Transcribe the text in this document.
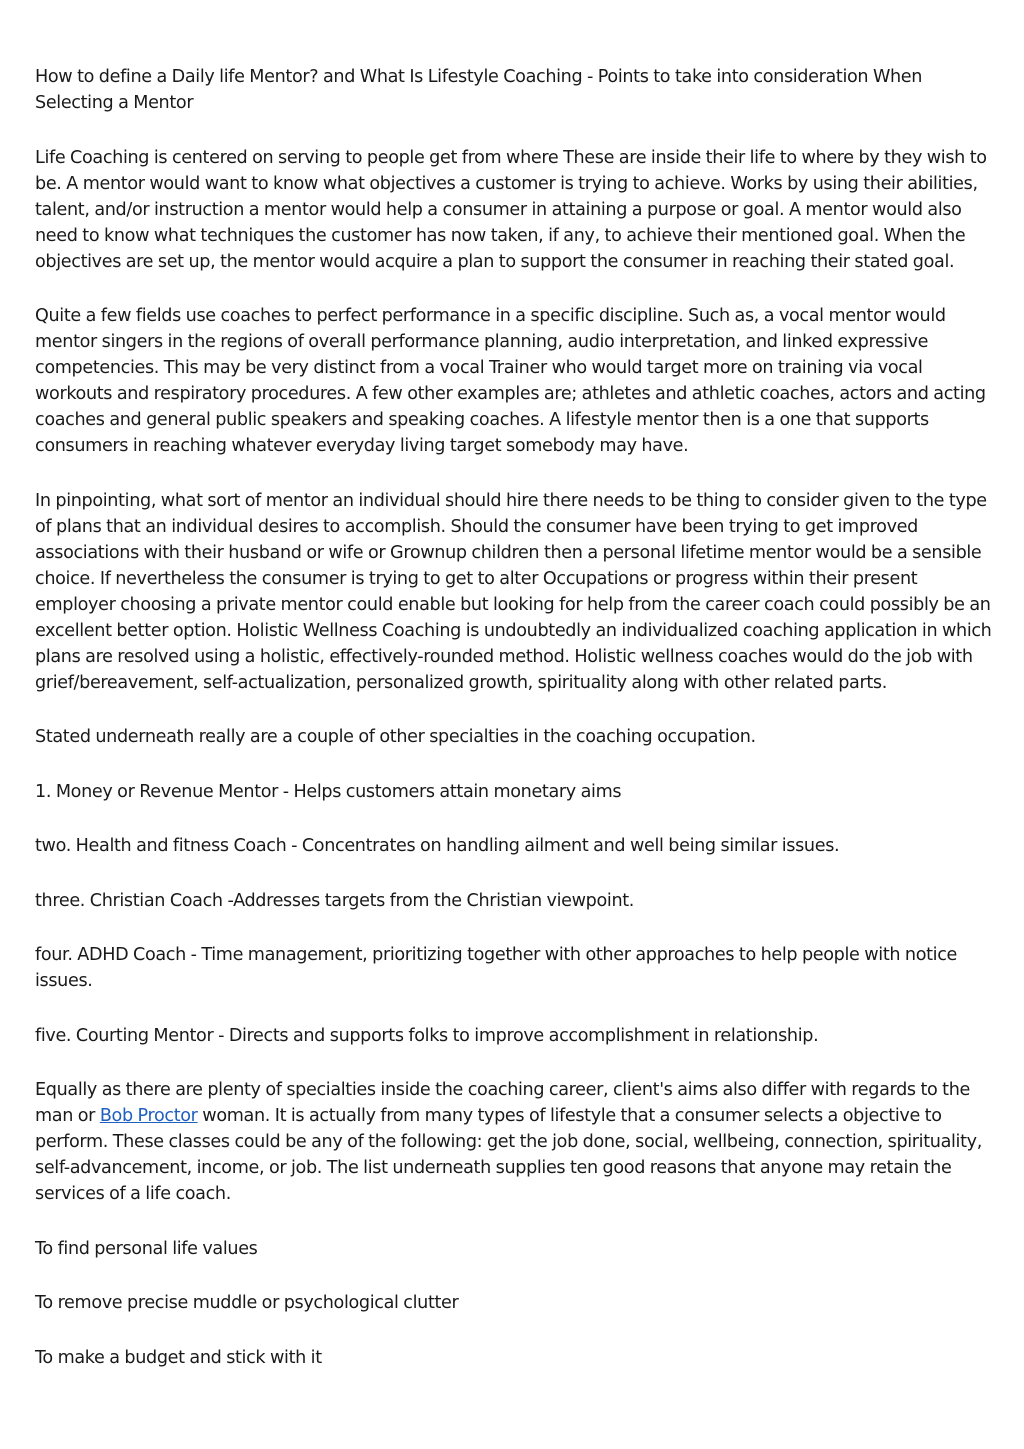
How to define a Daily life Mentor? and What Is Lifestyle Coaching - Points to take into consideration When Selecting a Mentor

Life Coaching is centered on serving to people get from where These are inside their life to where by they wish to be. A mentor would want to know what objectives a customer is trying to achieve. Works by using their abilities, talent, and/or instruction a mentor would help a consumer in attaining a purpose or goal. A mentor would also need to know what techniques the customer has now taken, if any, to achieve their mentioned goal. When the objectives are set up, the mentor would acquire a plan to support the consumer in reaching their stated goal.

Quite a few fields use coaches to perfect performance in a specific discipline. Such as, a vocal mentor would mentor singers in the regions of overall performance planning, audio interpretation, and linked expressive competencies. This may be very distinct from a vocal Trainer who would target more on training via vocal workouts and respiratory procedures. A few other examples are; athletes and athletic coaches, actors and acting coaches and general public speakers and speaking coaches. A lifestyle mentor then is a one that supports consumers in reaching whatever everyday living target somebody may have.

In pinpointing, what sort of mentor an individual should hire there needs to be thing to consider given to the type of plans that an individual desires to accomplish. Should the consumer have been trying to get improved associations with their husband or wife or Grownup children then a personal lifetime mentor would be a sensible choice. If nevertheless the consumer is trying to get to alter Occupations or progress within their present employer choosing a private mentor could enable but looking for help from the career coach could possibly be an excellent better option. Holistic Wellness Coaching is undoubtedly an individualized coaching application in which plans are resolved using a holistic, effectively-rounded method. Holistic wellness coaches would do the job with grief/bereavement, self-actualization, personalized growth, spirituality along with other related parts.

Stated underneath really are a couple of other specialties in the coaching occupation.

1. Money or Revenue Mentor - Helps customers attain monetary aims

two. Health and fitness Coach - Concentrates on handling ailment and well being similar issues.

three. Christian Coach -Addresses targets from the Christian viewpoint.

four. ADHD Coach - Time management, prioritizing together with other approaches to help people with notice issues.

five. Courting Mentor - Directs and supports folks to improve accomplishment in relationship.

Equally as there are plenty of specialties inside the coaching career, client's aims also differ with regards to the man or Bob Proctor woman. It is actually from many types of lifestyle that a consumer selects a objective to perform. These classes could be any of the following: get the job done, social, wellbeing, connection, spirituality, self-advancement, income, or job. The list underneath supplies ten good reasons that anyone may retain the services of a life coach.

To find personal life values

To remove precise muddle or psychological clutter

To make a budget and stick with it
